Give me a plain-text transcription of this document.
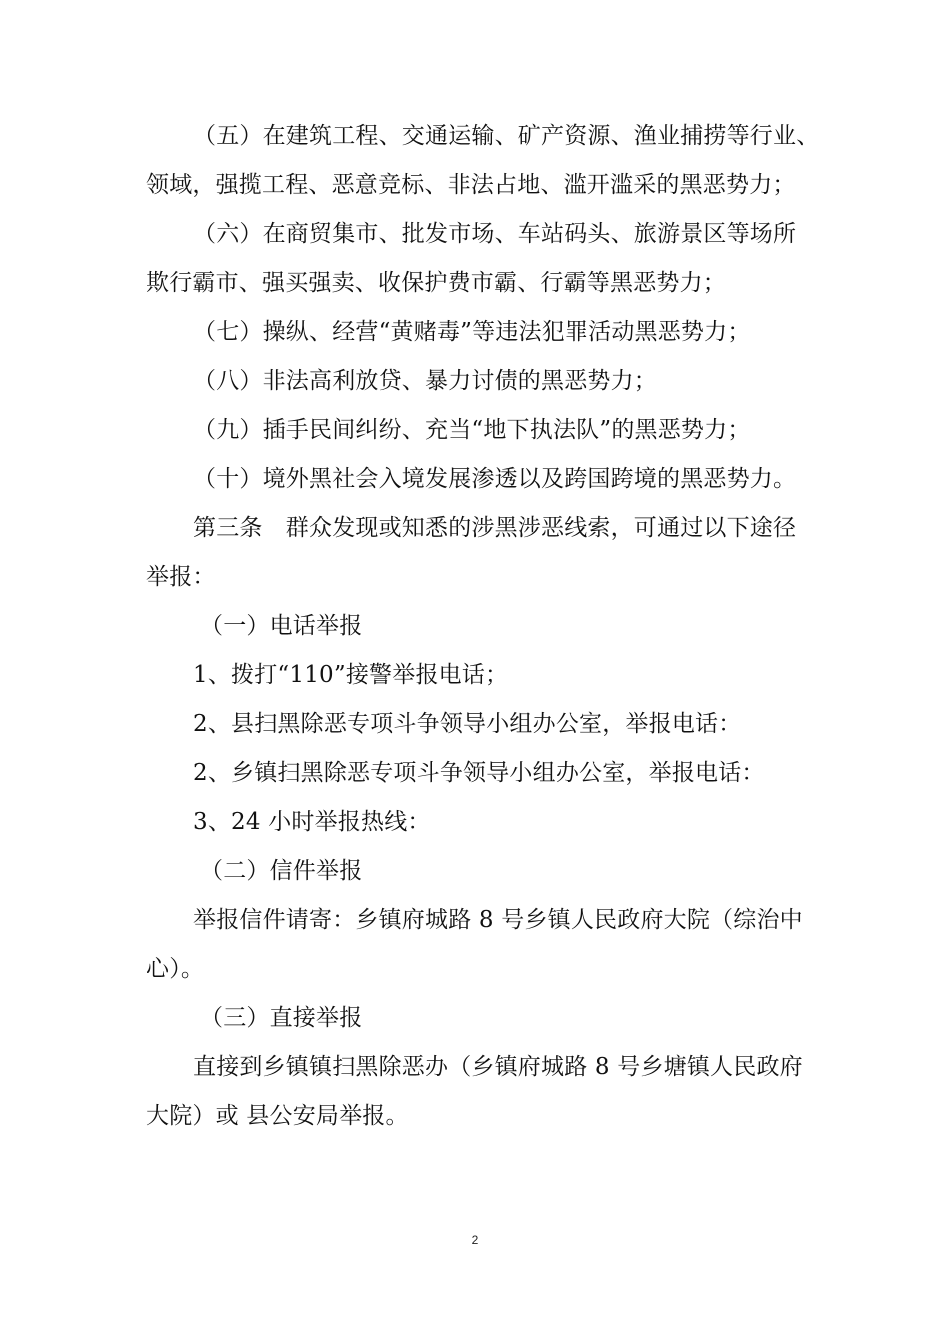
（五）在建筑工程、交通运输、矿产资源、渔业捕捞等行业、
领域，强揽工程、恶意竞标、非法占地、滥开滥采的黑恶势力；
（六）在商贸集市、批发市场、车站码头、旅游景区等场所
欺行霸市、强买强卖、收保护费市霸、行霸等黑恶势力；
（七）操纵、经营“黄赌毒”等违法犯罪活动黑恶势力；
（八）非法高利放贷、暴力讨债的黑恶势力；
（九）插手民间纠纷、充当“地下执法队”的黑恶势力；
（十）境外黑社会入境发展渗透以及跨国跨境的黑恶势力。
第三条　群众发现或知悉的涉黑涉恶线索，可通过以下途径
举报：
（一）电话举报
1、拨打“110”接警举报电话；
2、县扫黑除恶专项斗争领导小组办公室，举报电话：
2、乡镇扫黑除恶专项斗争领导小组办公室，举报电话：
3、24 小时举报热线：
（二）信件举报
举报信件请寄：乡镇府城路 8 号乡镇人民政府大院（综治中
心）。
（三）直接举报
直接到乡镇镇扫黑除恶办（乡镇府城路 8 号乡塘镇人民政府
大院）或 县公安局举报。
2
